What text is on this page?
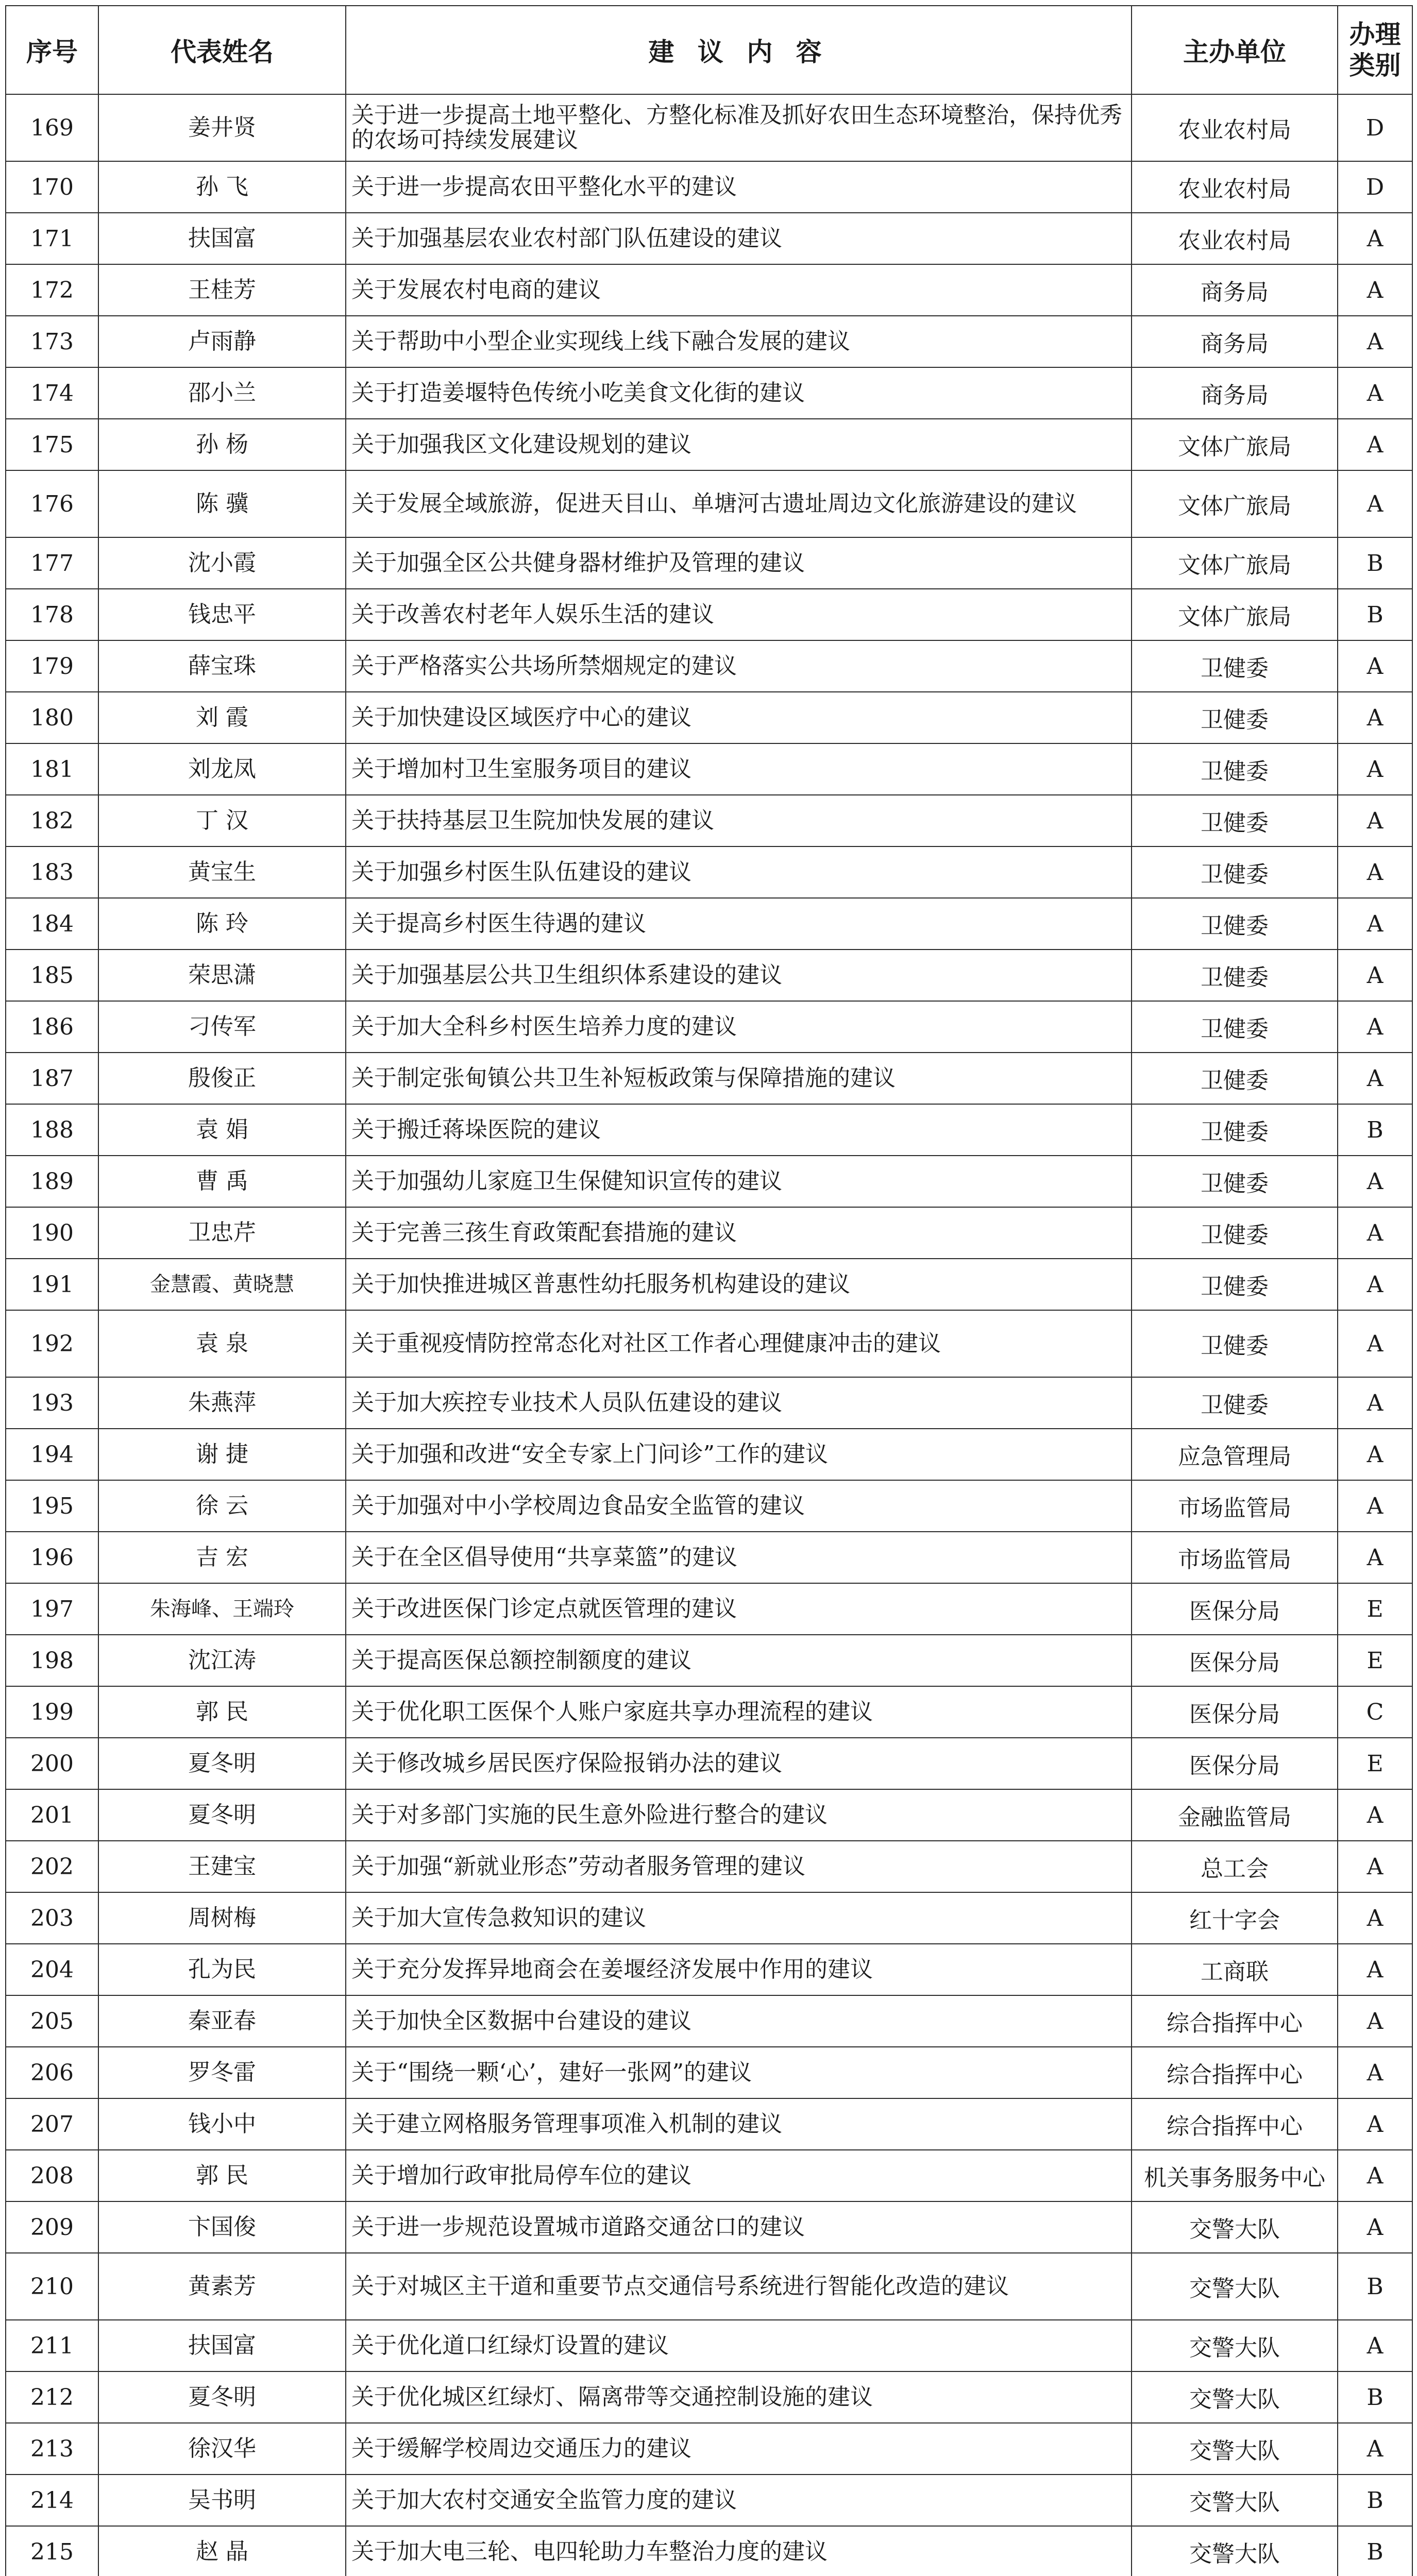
序号	代表姓名	建 议 内 容	主办单位	办理
类别
169	姜井贤	关于进一步提高土地平整化、方整化标准及抓好农田生态环境整治，保持优秀的农场可持续发展建议	农业农村局	D
170	孙 飞	关于进一步提高农田平整化水平的建议	农业农村局	D
171	扶国富	关于加强基层农业农村部门队伍建设的建议	农业农村局	A
172	王桂芳	关于发展农村电商的建议	商务局	A
173	卢雨静	关于帮助中小型企业实现线上线下融合发展的建议	商务局	A
174	邵小兰	关于打造姜堰特色传统小吃美食文化街的建议	商务局	A
175	孙 杨	关于加强我区文化建设规划的建议	文体广旅局	A
176	陈 骥	关于发展全域旅游，促进天目山、单塘河古遗址周边文化旅游建设的建议	文体广旅局	A
177	沈小霞	关于加强全区公共健身器材维护及管理的建议	文体广旅局	B
178	钱忠平	关于改善农村老年人娱乐生活的建议	文体广旅局	B
179	薛宝珠	关于严格落实公共场所禁烟规定的建议	卫健委	A
180	刘 霞	关于加快建设区域医疗中心的建议	卫健委	A
181	刘龙凤	关于增加村卫生室服务项目的建议	卫健委	A
182	丁 汉	关于扶持基层卫生院加快发展的建议	卫健委	A
183	黄宝生	关于加强乡村医生队伍建设的建议	卫健委	A
184	陈 玲	关于提高乡村医生待遇的建议	卫健委	A
185	荣思潇	关于加强基层公共卫生组织体系建设的建议	卫健委	A
186	刁传军	关于加大全科乡村医生培养力度的建议	卫健委	A
187	殷俊正	关于制定张甸镇公共卫生补短板政策与保障措施的建议	卫健委	A
188	袁 娟	关于搬迁蒋垛医院的建议	卫健委	B
189	曹 禹	关于加强幼儿家庭卫生保健知识宣传的建议	卫健委	A
190	卫忠芹	关于完善三孩生育政策配套措施的建议	卫健委	A
191	金慧霞、黄晓慧	关于加快推进城区普惠性幼托服务机构建设的建议	卫健委	A
192	袁 泉	关于重视疫情防控常态化对社区工作者心理健康冲击的建议	卫健委	A
193	朱燕萍	关于加大疾控专业技术人员队伍建设的建议	卫健委	A
194	谢 捷	关于加强和改进“安全专家上门问诊”工作的建议	应急管理局	A
195	徐 云	关于加强对中小学校周边食品安全监管的建议	市场监管局	A
196	吉 宏	关于在全区倡导使用“共享菜篮”的建议	市场监管局	A
197	朱海峰、王端玲	关于改进医保门诊定点就医管理的建议	医保分局	E
198	沈江涛	关于提高医保总额控制额度的建议	医保分局	E
199	郭 民	关于优化职工医保个人账户家庭共享办理流程的建议	医保分局	C
200	夏冬明	关于修改城乡居民医疗保险报销办法的建议	医保分局	E
201	夏冬明	关于对多部门实施的民生意外险进行整合的建议	金融监管局	A
202	王建宝	关于加强“新就业形态”劳动者服务管理的建议	总工会	A
203	周树梅	关于加大宣传急救知识的建议	红十字会	A
204	孔为民	关于充分发挥异地商会在姜堰经济发展中作用的建议	工商联	A
205	秦亚春	关于加快全区数据中台建设的建议	综合指挥中心	A
206	罗冬雷	关于“围绕一颗‘心’，建好一张网”的建议	综合指挥中心	A
207	钱小中	关于建立网格服务管理事项准入机制的建议	综合指挥中心	A
208	郭 民	关于增加行政审批局停车位的建议	机关事务服务中心	A
209	卞国俊	关于进一步规范设置城市道路交通岔口的建议	交警大队	A
210	黄素芳	关于对城区主干道和重要节点交通信号系统进行智能化改造的建议	交警大队	B
211	扶国富	关于优化道口红绿灯设置的建议	交警大队	A
212	夏冬明	关于优化城区红绿灯、隔离带等交通控制设施的建议	交警大队	B
213	徐汉华	关于缓解学校周边交通压力的建议	交警大队	A
214	吴书明	关于加大农村交通安全监管力度的建议	交警大队	B
215	赵 晶	关于加大电三轮、电四轮助力车整治力度的建议	交警大队	B
